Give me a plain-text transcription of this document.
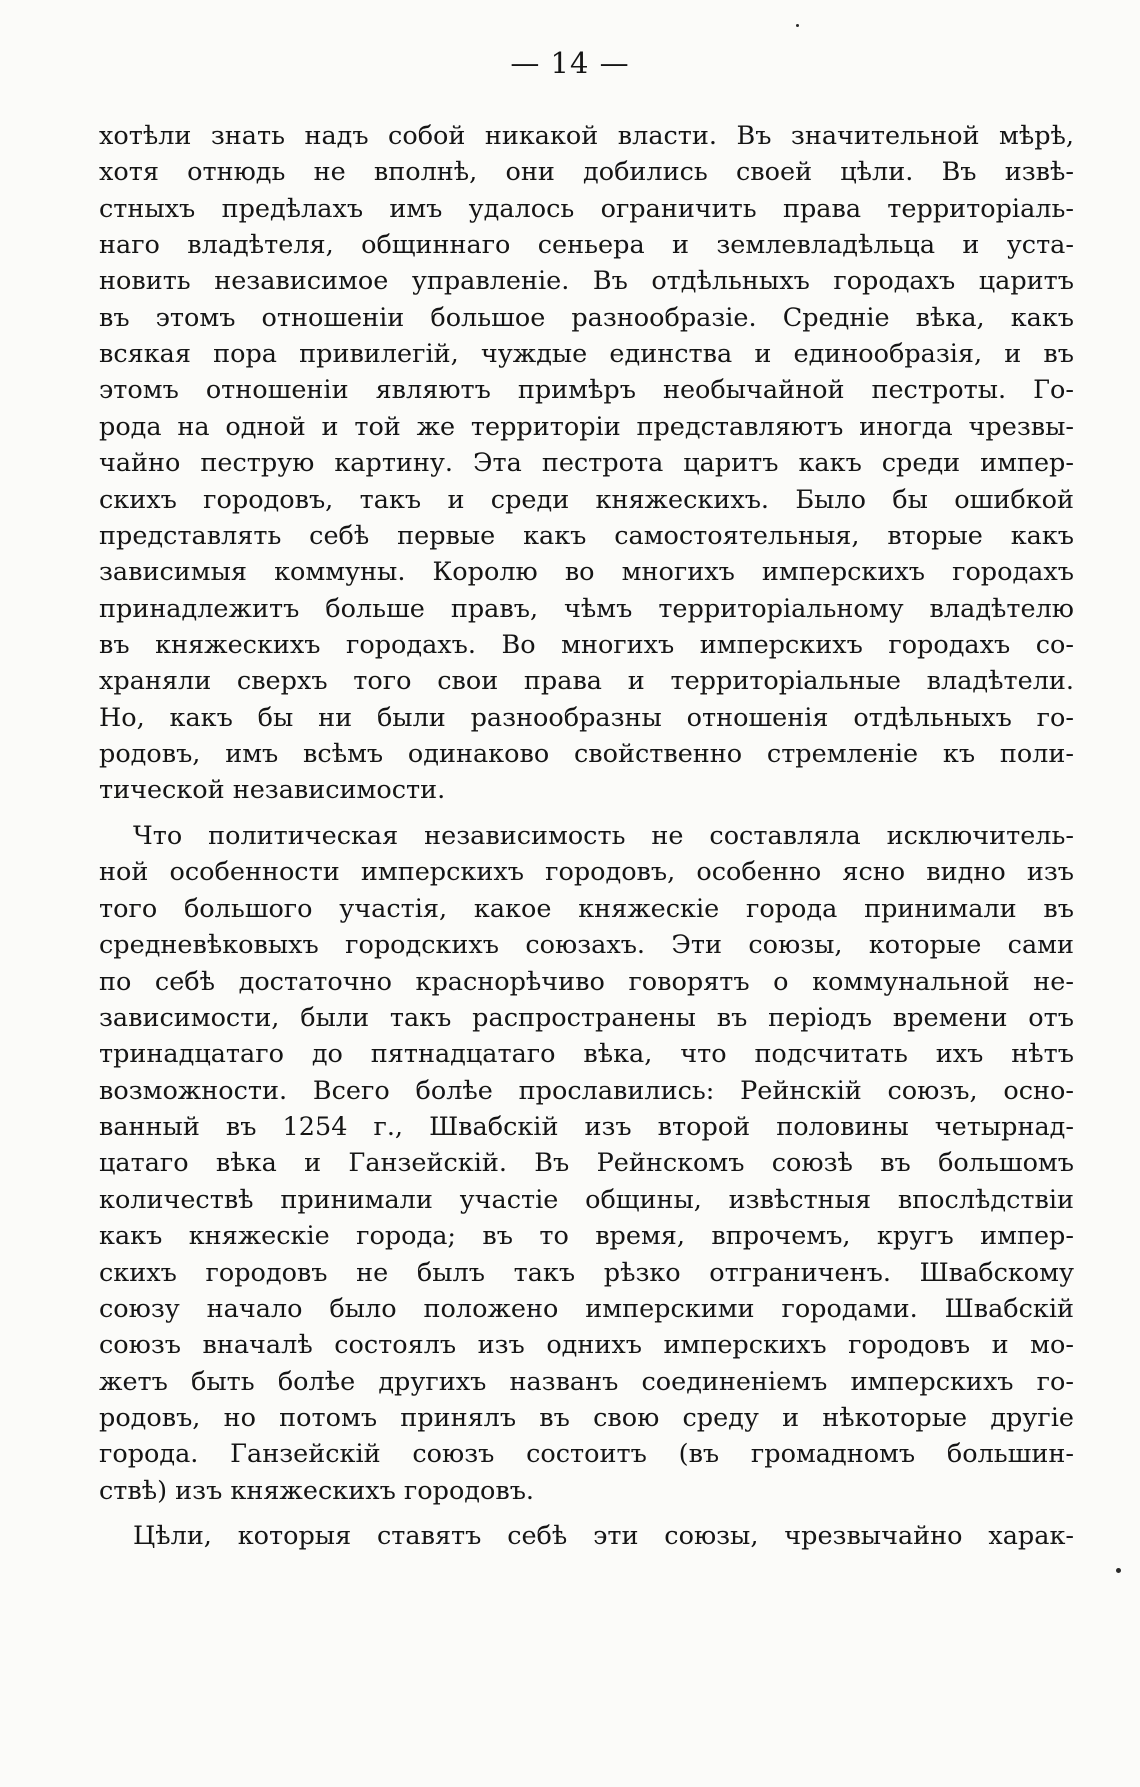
— 14 —
хотѣли знать надъ собой никакой власти. Въ значительной мѣрѣ,
хотя отнюдь не вполнѣ, они добились своей цѣли. Въ извѣ-
стныхъ предѣлахъ имъ удалось ограничить права территоріаль-
наго владѣтеля, общиннаго сеньера и землевладѣльца и уста-
новить независимое управленіе. Въ отдѣльныхъ городахъ царитъ
въ этомъ отношеніи большое разнообразіе. Средніе вѣка, какъ
всякая пора привилегій, чуждые единства и единообразія, и въ
этомъ отношеніи являютъ примѣръ необычайной пестроты. Го-
рода на одной и той же территоріи представляютъ иногда чрезвы-
чайно пеструю картину. Эта пестрота царитъ какъ среди импер-
скихъ городовъ, такъ и среди княжескихъ. Было бы ошибкой
представлять себѣ первые какъ самостоятельныя, вторые какъ
зависимыя коммуны. Королю во многихъ имперскихъ городахъ
принадлежитъ больше правъ, чѣмъ территоріальному владѣтелю
въ княжескихъ городахъ. Во многихъ имперскихъ городахъ со-
храняли сверхъ того свои права и территоріальные владѣтели.
Но, какъ бы ни были разнообразны отношенія отдѣльныхъ го-
родовъ, имъ всѣмъ одинаково свойственно стремленіе къ поли-
тической независимости.
Что политическая независимость не составляла исключитель-
ной особенности имперскихъ городовъ, особенно ясно видно изъ
того большого участія, какое княжескіе города принимали въ
средневѣковыхъ городскихъ союзахъ. Эти союзы, которые сами
по себѣ достаточно краснорѣчиво говорятъ о коммунальной не-
зависимости, были такъ распространены въ періодъ времени отъ
тринадцатаго до пятнадцатаго вѣка, что подсчитать ихъ нѣтъ
возможности. Всего болѣе прославились: Рейнскій союзъ, осно-
ванный въ 1254 г., Швабскій изъ второй половины четырнад-
цатаго вѣка и Ганзейскій. Въ Рейнскомъ союзѣ въ большомъ
количествѣ принимали участіе общины, извѣстныя впослѣдствіи
какъ княжескіе города; въ то время, впрочемъ, кругъ импер-
скихъ городовъ не былъ такъ рѣзко отграниченъ. Швабскому
союзу начало было положено имперскими городами. Швабскій
союзъ вначалѣ состоялъ изъ однихъ имперскихъ городовъ и мо-
жетъ быть болѣе другихъ названъ соединеніемъ имперскихъ го-
родовъ, но потомъ принялъ въ свою среду и нѣкоторые другіе
города. Ганзейскій союзъ состоитъ (въ громадномъ большин-
ствѣ) изъ княжескихъ городовъ.
Цѣли, которыя ставятъ себѣ эти союзы, чрезвычайно харак-
